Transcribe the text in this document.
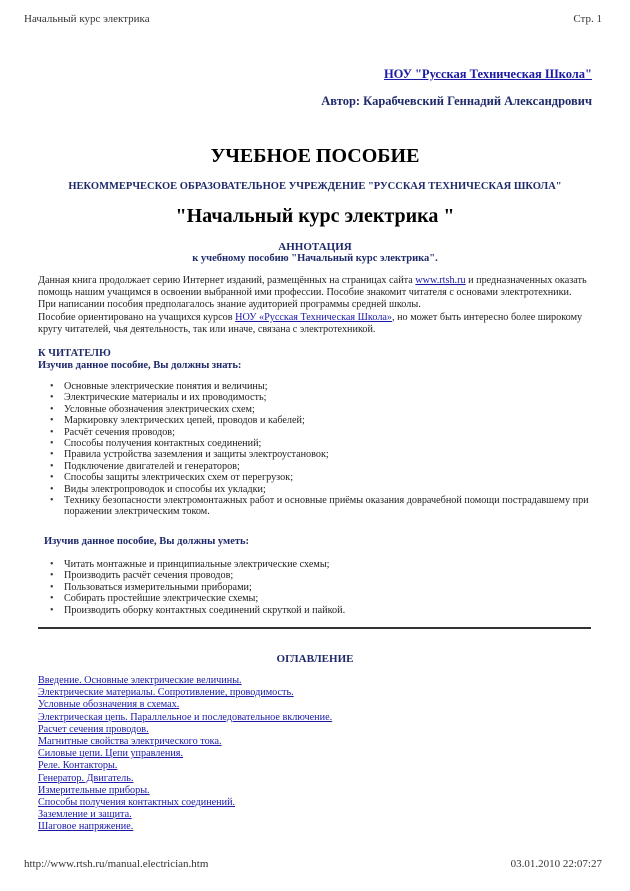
Начальный курс электрика	Стр. 1
НОУ "Русская Техническая Школа"
Автор: Карабчевский Геннадий Александрович
УЧЕБНОЕ ПОСОБИЕ
НЕКОММЕРЧЕСКОЕ ОБРАЗОВАТЕЛЬНОЕ УЧРЕЖДЕНИЕ "РУССКАЯ ТЕХНИЧЕСКАЯ ШКОЛА"
"Начальный курс электрика "
АННОТАЦИЯ
к учебному пособию "Начальный курс электрика".
Данная книга продолжает серию Интернет изданий, размещённых на страницах сайта www.rtsh.ru и предназначенных оказать помощь нашим учащимся в освоении выбранной ими профессии. Пособие знакомит читателя с основами электротехники. При написании пособия предполагалось знание аудиторией программы средней школы.
Пособие ориентировано на учащихся курсов НОУ «Русская Техническая Школа», но может быть интересно более широкому кругу читателей, чья деятельность, так или иначе, связана с электротехникой.
К ЧИТАТЕЛЮ
Изучив данное пособие, Вы должны знать:
• Основные электрические понятия и величины;
• Электрические материалы и их проводимость;
• Условные обозначения электрических схем;
• Маркировку электрических цепей, проводов и кабелей;
• Расчёт сечения проводов;
• Способы получения контактных соединений;
• Правила устройства заземления и защиты электроустановок;
• Подключение двигателей и генераторов;
• Способы защиты электрических схем от перегрузок;
• Виды электропроводок и способы их укладки;
• Технику безопасности электромонтажных работ и основные приёмы оказания доврачебной помощи пострадавшему при поражении электрическим током.
Изучив данное пособие, Вы должны уметь:
• Читать монтажные и принципиальные электрические схемы;
• Производить расчёт сечения проводов;
• Пользоваться измерительными приборами;
• Собирать простейшие электрические схемы;
• Производить оборку контактных соединений скруткой и пайкой.
ОГЛАВЛЕНИЕ
Введение. Основные электрические величины.
Электрические материалы. Сопротивление, проводимость.
Условные обозначения в схемах.
Электрическая цепь. Параллельное и последовательное включение.
Расчет сечения проводов.
Магнитные свойства электрического тока.
Силовые цепи. Цепи управления.
Реле. Контакторы.
Генератор. Двигатель.
Измерительные приборы.
Способы получения контактных соединений.
Заземление и защита.
Шаговое напряжение.
http://www.rtsh.ru/manual.electrician.htm	03.01.2010 22:07:27
